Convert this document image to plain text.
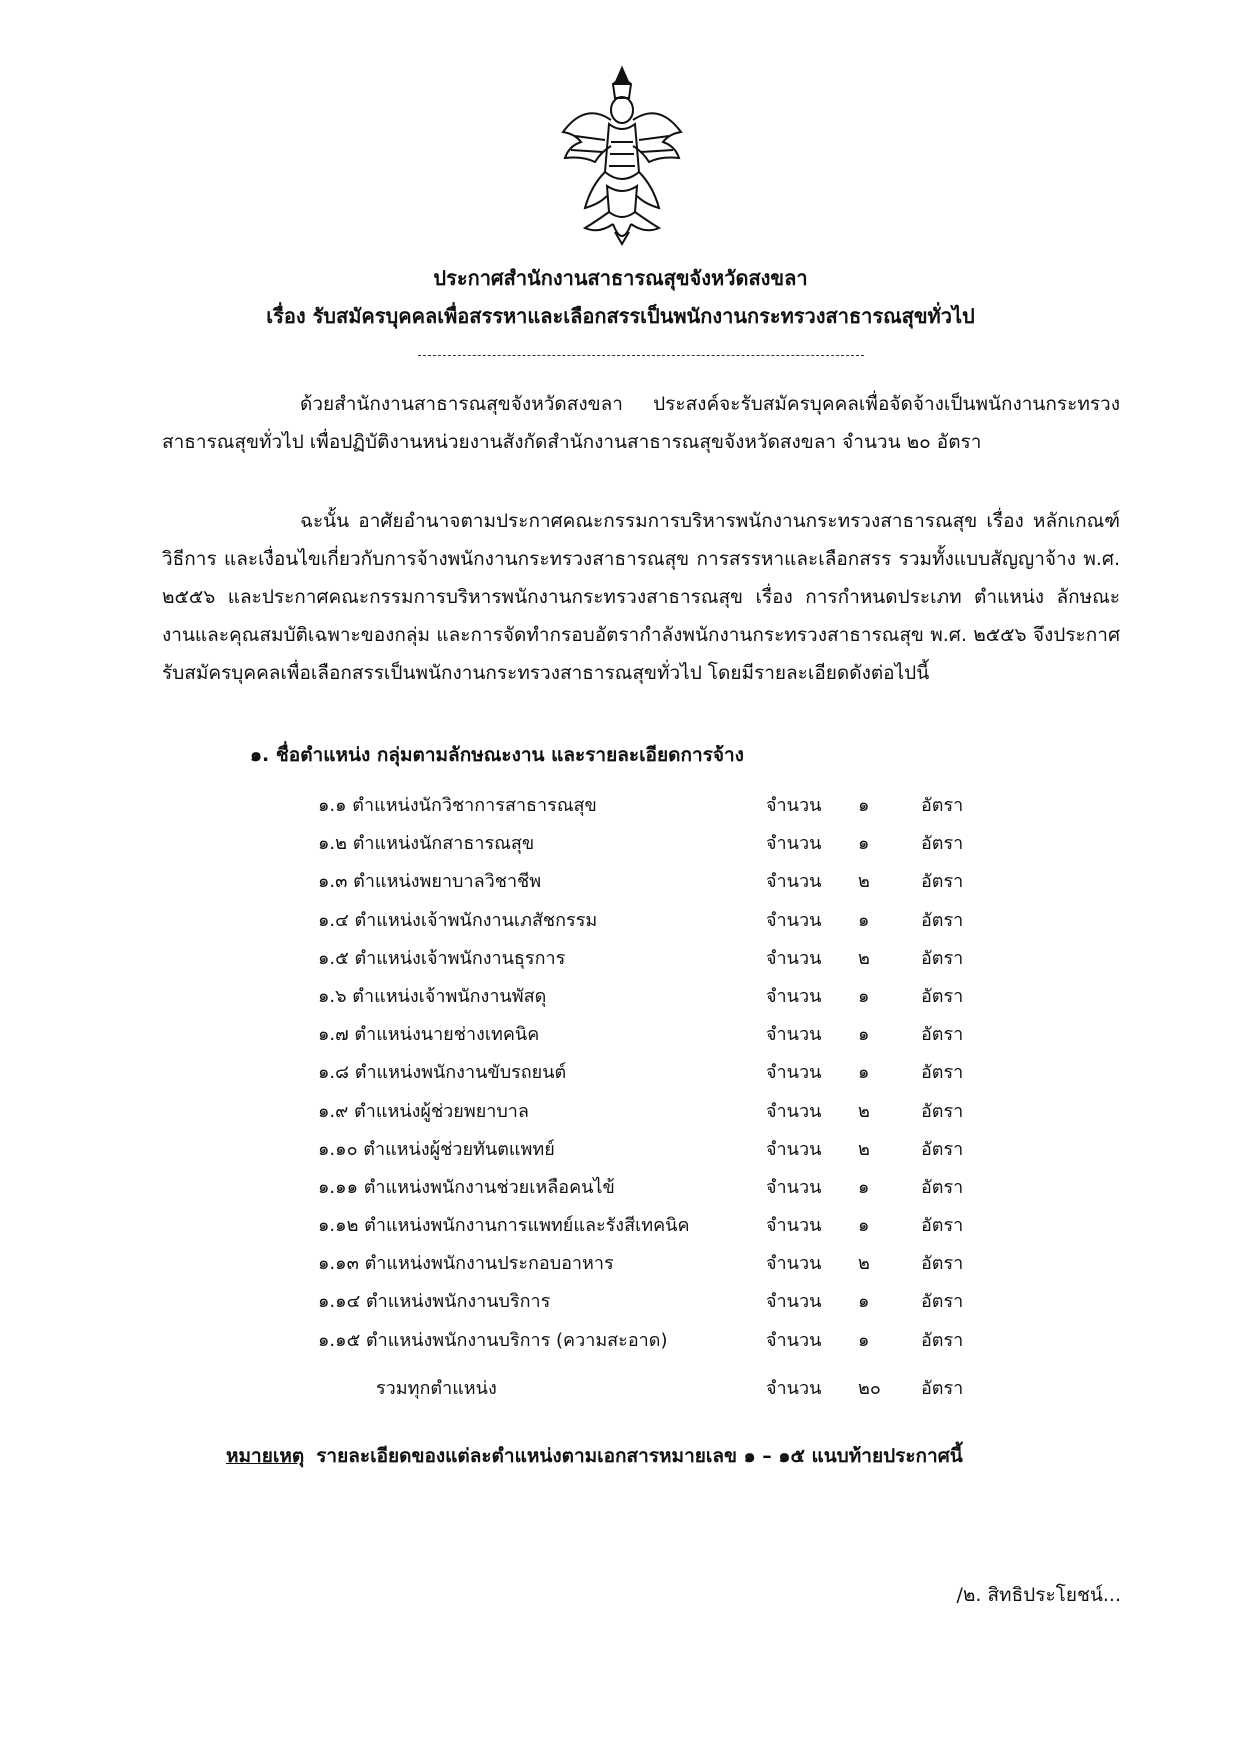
ประกาศสำนักงานสาธารณสุขจังหวัดสงขลา
เรื่อง รับสมัครบุคคลเพื่อสรรหาและเลือกสรรเป็นพนักงานกระทรวงสาธารณสุขทั่วไป

ด้วยสำนักงานสาธารณสุขจังหวัดสงขลา ประสงค์จะรับสมัครบุคคลเพื่อจัดจ้างเป็นพนักงานกระทรวงสาธารณสุขทั่วไป เพื่อปฏิบัติงานหน่วยงานสังกัดสำนักงานสาธารณสุขจังหวัดสงขลา จำนวน ๒๐ อัตรา

ฉะนั้น อาศัยอำนาจตามประกาศคณะกรรมการบริหารพนักงานกระทรวงสาธารณสุข เรื่อง หลักเกณฑ์ วิธีการ และเงื่อนไขเกี่ยวกับการจ้างพนักงานกระทรวงสาธารณสุข การสรรหาและเลือกสรร รวมทั้งแบบสัญญาจ้าง พ.ศ. ๒๕๕๖ และประกาศคณะกรรมการบริหารพนักงานกระทรวงสาธารณสุข เรื่อง การกำหนดประเภท ตำแหน่ง ลักษณะงานและคุณสมบัติเฉพาะของกลุ่ม และการจัดทำกรอบอัตรากำลังพนักงานกระทรวงสาธารณสุข พ.ศ. ๒๕๕๖ จึงประกาศรับสมัครบุคคลเพื่อเลือกสรรเป็นพนักงานกระทรวงสาธารณสุขทั่วไป โดยมีรายละเอียดดังต่อไปนี้

๑. ชื่อตำแหน่ง กลุ่มตามลักษณะงาน และรายละเอียดการจ้าง
๑.๑ ตำแหน่งนักวิชาการสาธารณสุข	จำนวน ๑	อัตรา
๑.๒ ตำแหน่งนักสาธารณสุข	จำนวน ๑	อัตรา
๑.๓ ตำแหน่งพยาบาลวิชาชีพ	จำนวน ๒	อัตรา
๑.๔ ตำแหน่งเจ้าพนักงานเภสัชกรรม	จำนวน ๑	อัตรา
๑.๕ ตำแหน่งเจ้าพนักงานธุรการ	จำนวน ๒	อัตรา
๑.๖ ตำแหน่งเจ้าพนักงานพัสดุ	จำนวน ๑	อัตรา
๑.๗ ตำแหน่งนายช่างเทคนิค	จำนวน ๑	อัตรา
๑.๘ ตำแหน่งพนักงานขับรถยนต์	จำนวน ๑	อัตรา
๑.๙ ตำแหน่งผู้ช่วยพยาบาล	จำนวน ๒	อัตรา
๑.๑๐ ตำแหน่งผู้ช่วยทันตแพทย์	จำนวน ๒	อัตรา
๑.๑๑ ตำแหน่งพนักงานช่วยเหลือคนไข้	จำนวน ๑	อัตรา
๑.๑๒ ตำแหน่งพนักงานการแพทย์และรังสีเทคนิค	จำนวน ๑	อัตรา
๑.๑๓ ตำแหน่งพนักงานประกอบอาหาร	จำนวน ๒	อัตรา
๑.๑๔ ตำแหน่งพนักงานบริการ	จำนวน ๑	อัตรา
๑.๑๕ ตำแหน่งพนักงานบริการ (ความสะอาด)	จำนวน ๑	อัตรา
รวมทุกตำแหน่ง	จำนวน ๒๐ อัตรา
หมายเหตุ รายละเอียดของแต่ละตำแหน่งตามเอกสารหมายเลข ๑ – ๑๕ แนบท้ายประกาศนี้
/๒. สิทธิประโยชน์...
